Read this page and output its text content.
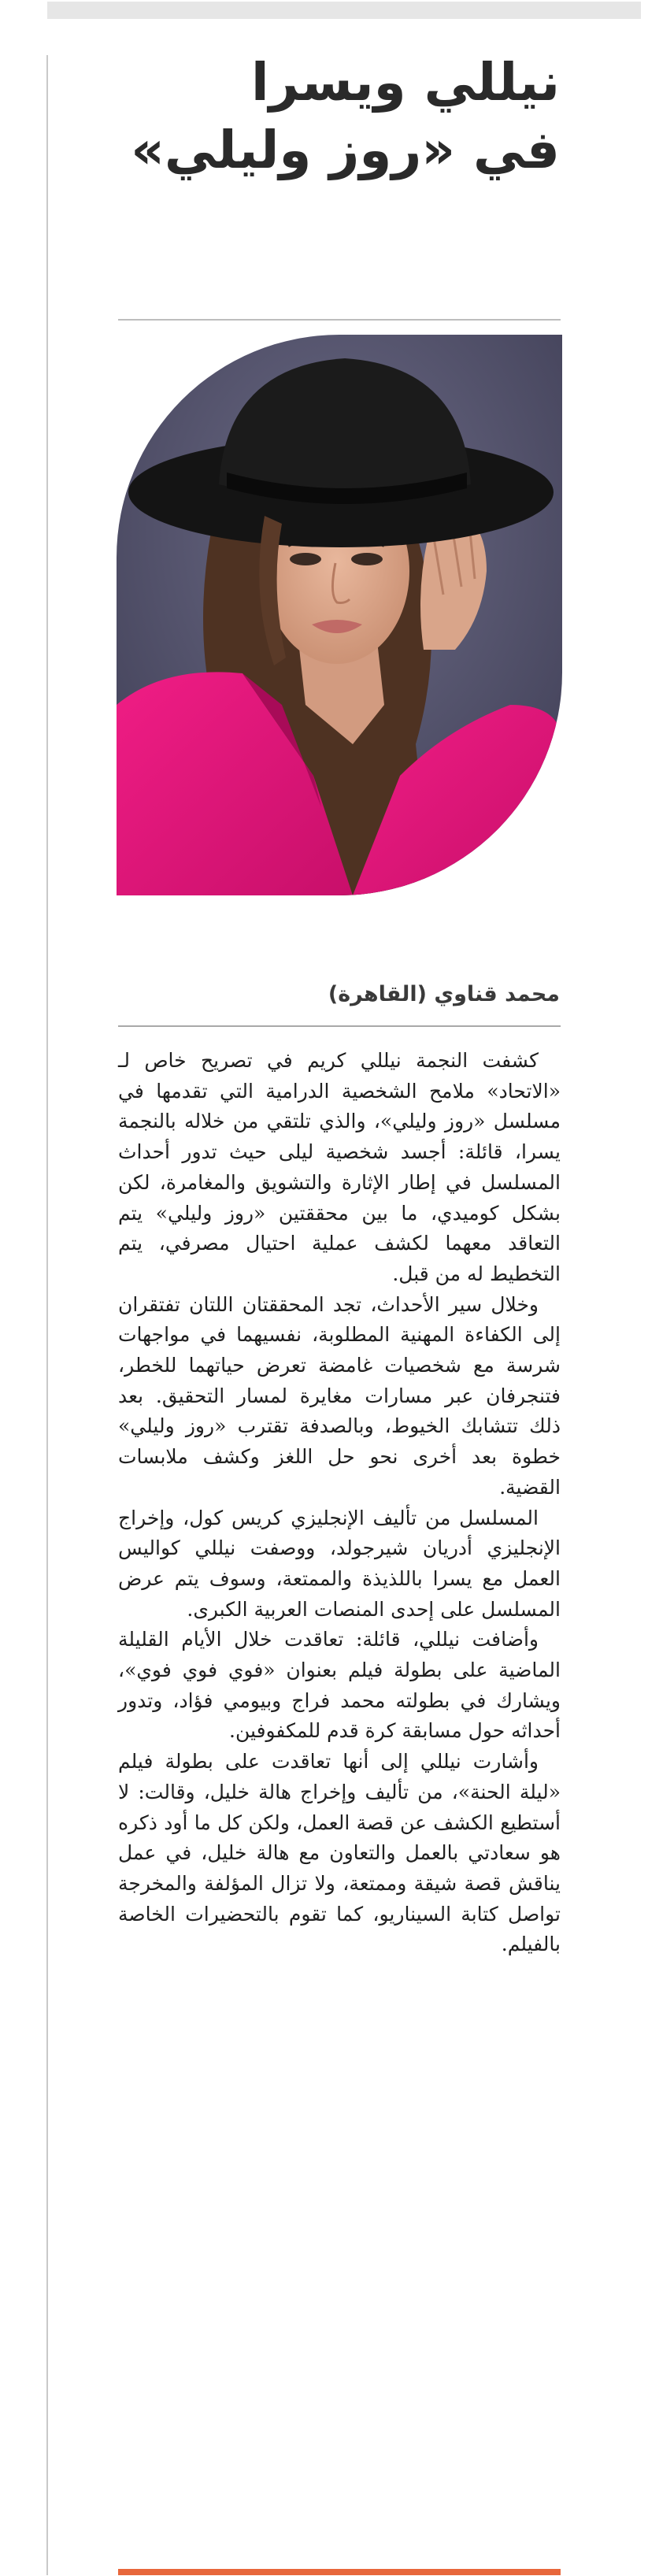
نيللي ويسرا
في «روز وليلي»
محمد قناوي (القاهرة)

كشفت النجمة نيللي كريم في تصريح خاص لـ «الاتحاد» ملامح الشخصية الدرامية التي تقدمها في مسلسل «روز وليلي»، والذي تلتقي من خلاله بالنجمة يسرا، قائلة: أجسد شخصية ليلى حيث تدور أحداث المسلسل في إطار الإثارة والتشويق والمغامرة، لكن بشكل كوميدي، ما بين محققتين «روز وليلي» يتم التعاقد معهما لكشف عملية احتيال مصرفي، يتم التخطيط له من قبل.

وخلال سير الأحداث، تجد المحققتان اللتان تفتقران إلى الكفاءة المهنية المطلوبة، نفسيهما في مواجهات شرسة مع شخصيات غامضة تعرض حياتهما للخطر، فتنجرفان عبر مسارات مغايرة لمسار التحقيق. بعد ذلك تتشابك الخيوط، وبالصدفة تقترب «روز وليلي» خطوة بعد أخرى نحو حل اللغز وكشف ملابسات القضية.

المسلسل من تأليف الإنجليزي كريس كول، وإخراج الإنجليزي أدريان شيرجولد، ووصفت نيللي كواليس العمل مع يسرا باللذيذة والممتعة، وسوف يتم عرض المسلسل على إحدى المنصات العربية الكبرى.

وأضافت نيللي، قائلة: تعاقدت خلال الأيام القليلة الماضية على بطولة فيلم بعنوان «فوي فوي فوي»، ويشارك في بطولته محمد فراج وبيومي فؤاد، وتدور أحداثه حول مسابقة كرة قدم للمكفوفين.

وأشارت نيللي إلى أنها تعاقدت على بطولة فيلم «ليلة الحنة»، من تأليف وإخراج هالة خليل، وقالت: لا أستطيع الكشف عن قصة العمل، ولكن كل ما أود ذكره هو سعادتي بالعمل والتعاون مع هالة خليل، في عمل يناقش قصة شيقة وممتعة، ولا تزال المؤلفة والمخرجة تواصل كتابة السيناريو، كما تقوم بالتحضيرات الخاصة بالفيلم.
